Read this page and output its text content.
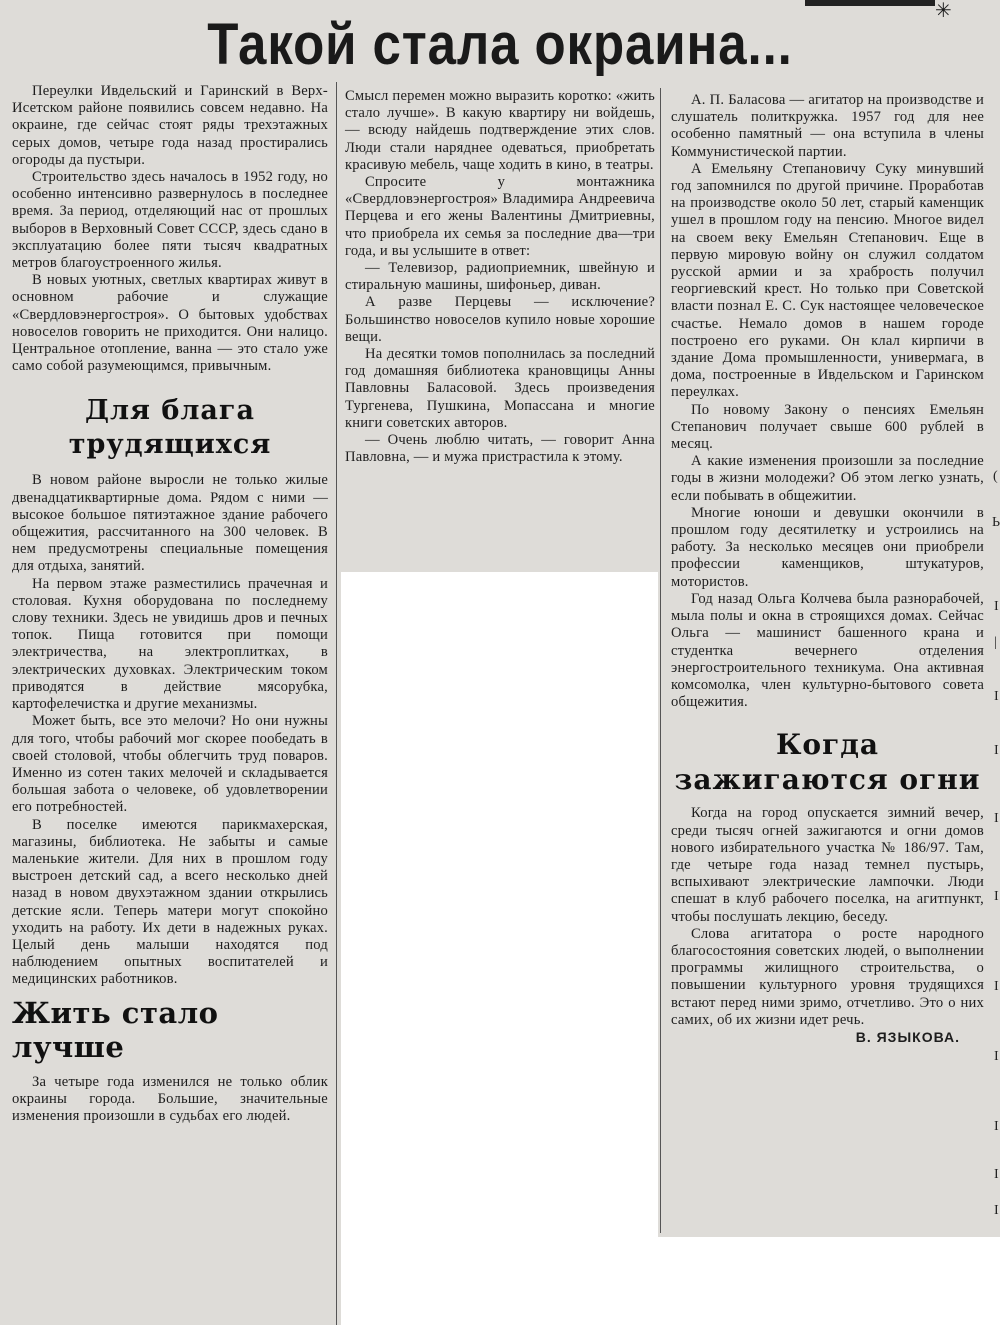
✳
Такой стала окраина...

Переулки Ивдельский и Гаринский в Верх-Исетском районе появились совсем недавно. На окраине, где сейчас стоят ряды трехэтажных серых домов, четыре года назад простирались огороды да пустыри.

Строительство здесь началось в 1952 году, но особенно интенсивно развернулось в последнее время. За период, отделяющий нас от прошлых выборов в Верховный Совет СССР, здесь сдано в эксплуатацию более пяти тысяч квадратных метров благоустроенного жилья.

В новых уютных, светлых квартирах живут в основном рабочие и служащие «Свердловэнергостроя». О бытовых удобствах новоселов говорить не приходится. Они налицо. Центральное отопление, ванна — это стало уже само собой разумеющимся, привычным.

Для блага трудящихся

В новом районе выросли не только жилые двенадцатиквартирные дома. Рядом с ними — высокое большое пятиэтажное здание рабочего общежития, рассчитанного на 300 человек. В нем предусмотрены специальные помещения для отдыха, занятий.

На первом этаже разместились прачечная и столовая. Кухня оборудована по последнему слову техники. Здесь не увидишь дров и печных топок. Пища готовится при помощи электричества, на электроплитках, в электрических духовках. Электрическим током приводятся в действие мясорубка, картофелечистка и другие механизмы.

Может быть, все это мелочи? Но они нужны для того, чтобы рабочий мог скорее пообедать в своей столовой, чтобы облегчить труд поваров. Именно из сотен таких мелочей и складывается большая забота о человеке, об удовлетворении его потребностей.

В поселке имеются парикмахерская, магазины, библиотека. Не забыты и самые маленькие жители. Для них в прошлом году выстроен детский сад, а всего несколько дней назад в новом двухэтажном здании открылись детские ясли. Теперь матери могут спокойно уходить на работу. Их дети в надежных руках. Целый день малыши находятся под наблюдением опытных воспитателей и медицинских работников.

Жить стало лучше

За четыре года изменился не только облик окраины города. Большие, значительные изменения произошли в судьбах его людей.

Смысл перемен можно выразить коротко: «жить стало лучше». В какую квартиру ни войдешь, — всюду найдешь подтверждение этих слов. Люди стали наряднее одеваться, приобретать красивую мебель, чаще ходить в кино, в театры.

Спросите у монтажника «Свердловэнергостроя» Владимира Андреевича Перцева и его жены Валентины Дмитриевны, что приобрела их семья за последние два—три года, и вы услышите в ответ:

— Телевизор, радиоприемник, швейную и стиральную машины, шифоньер, диван.

А разве Перцевы — исключение? Большинство новоселов купило новые хорошие вещи.

На десятки томов пополнилась за последний год домашняя библиотека крановщицы Анны Павловны Баласовой. Здесь произведения Тургенева, Пушкина, Мопассана и многие книги советских авторов.

— Очень люблю читать, — говорит Анна Павловна, — и мужа пристрастила к этому.

А. П. Баласова — агитатор на производстве и слушатель политкружка. 1957 год для нее особенно памятный — она вступила в члены Коммунистической партии.

А Емельяну Степановичу Суку минувший год запомнился по другой причине. Проработав на производстве около 50 лет, старый каменщик ушел в прошлом году на пенсию. Многое видел на своем веку Емельян Степанович. Еще в первую мировую войну он служил солдатом русской армии и за храбрость получил георгиевский крест. Но только при Советской власти познал Е. С. Сук настоящее человеческое счастье. Немало домов в нашем городе построено его руками. Он клал кирпичи в здание Дома промышленности, универмага, в дома, построенные в Ивдельском и Гаринском переулках.

По новому Закону о пенсиях Емельян Степанович получает свыше 600 рублей в месяц.

А какие изменения произошли за последние годы в жизни молодежи? Об этом легко узнать, если побывать в общежитии.

Многие юноши и девушки окончили в прошлом году десятилетку и устроились на работу. За несколько месяцев они приобрели профессии каменщиков, штукатуров, мотористов.

Год назад Ольга Колчева была разнорабочей, мыла полы и окна в строящихся домах. Сейчас Ольга — машинист башенного крана и студентка вечернего отделения энергостроительного техникума. Она активная комсомолка, член культурно-бытового совета общежития.

Когда зажигаются огни

Когда на город опускается зимний вечер, среди тысяч огней зажигаются и огни домов нового избирательного участка № 186/97. Там, где четыре года назад темнел пустырь, вспыхивают электрические лампочки. Люди спешат в клуб рабочего поселка, на агитпункт, чтобы послушать лекцию, беседу.

Слова агитатора о росте народного благосостояния советских людей, о выполнении программы жилищного строительства, о повышении культурного уровня трудящихся встают перед ними зримо, отчетливо. Это о них самих, об их жизни идет речь.

В. ЯЗЫКОВА.
(
Ь
I
|
I
I
I
I
I
I
I
I
I
